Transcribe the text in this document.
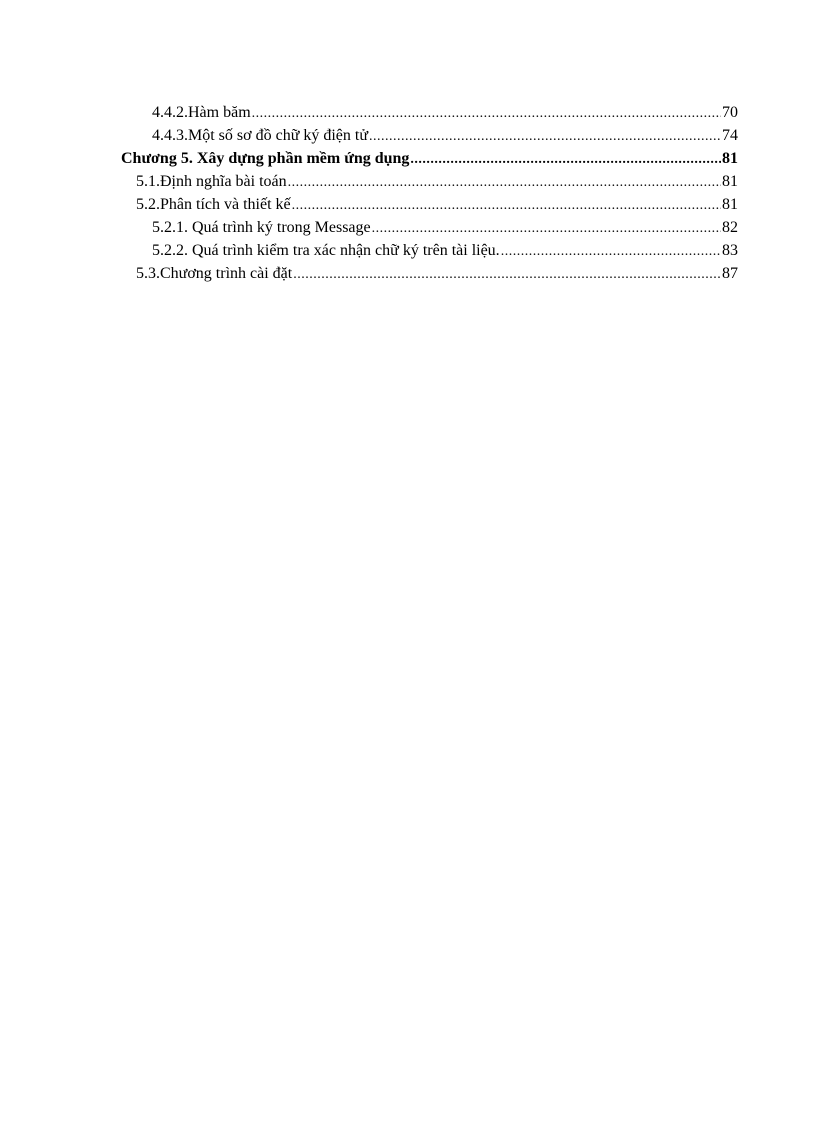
4.4.2.Hàm băm .....	70
4.4.3.Một số sơ đồ chữ ký điện tử .....	74
Chương 5. Xây dựng phần mềm ứng dụng .....	81
5.1.Định nghĩa bài toán .....	81
5.2.Phân tích và thiết kế .....	81
5.2.1. Quá trình ký trong Message .....	82
5.2.2. Quá trình kiểm tra xác nhận chữ ký trên tài liệu. .....	83
5.3.Chương trình cài đặt .....	87
